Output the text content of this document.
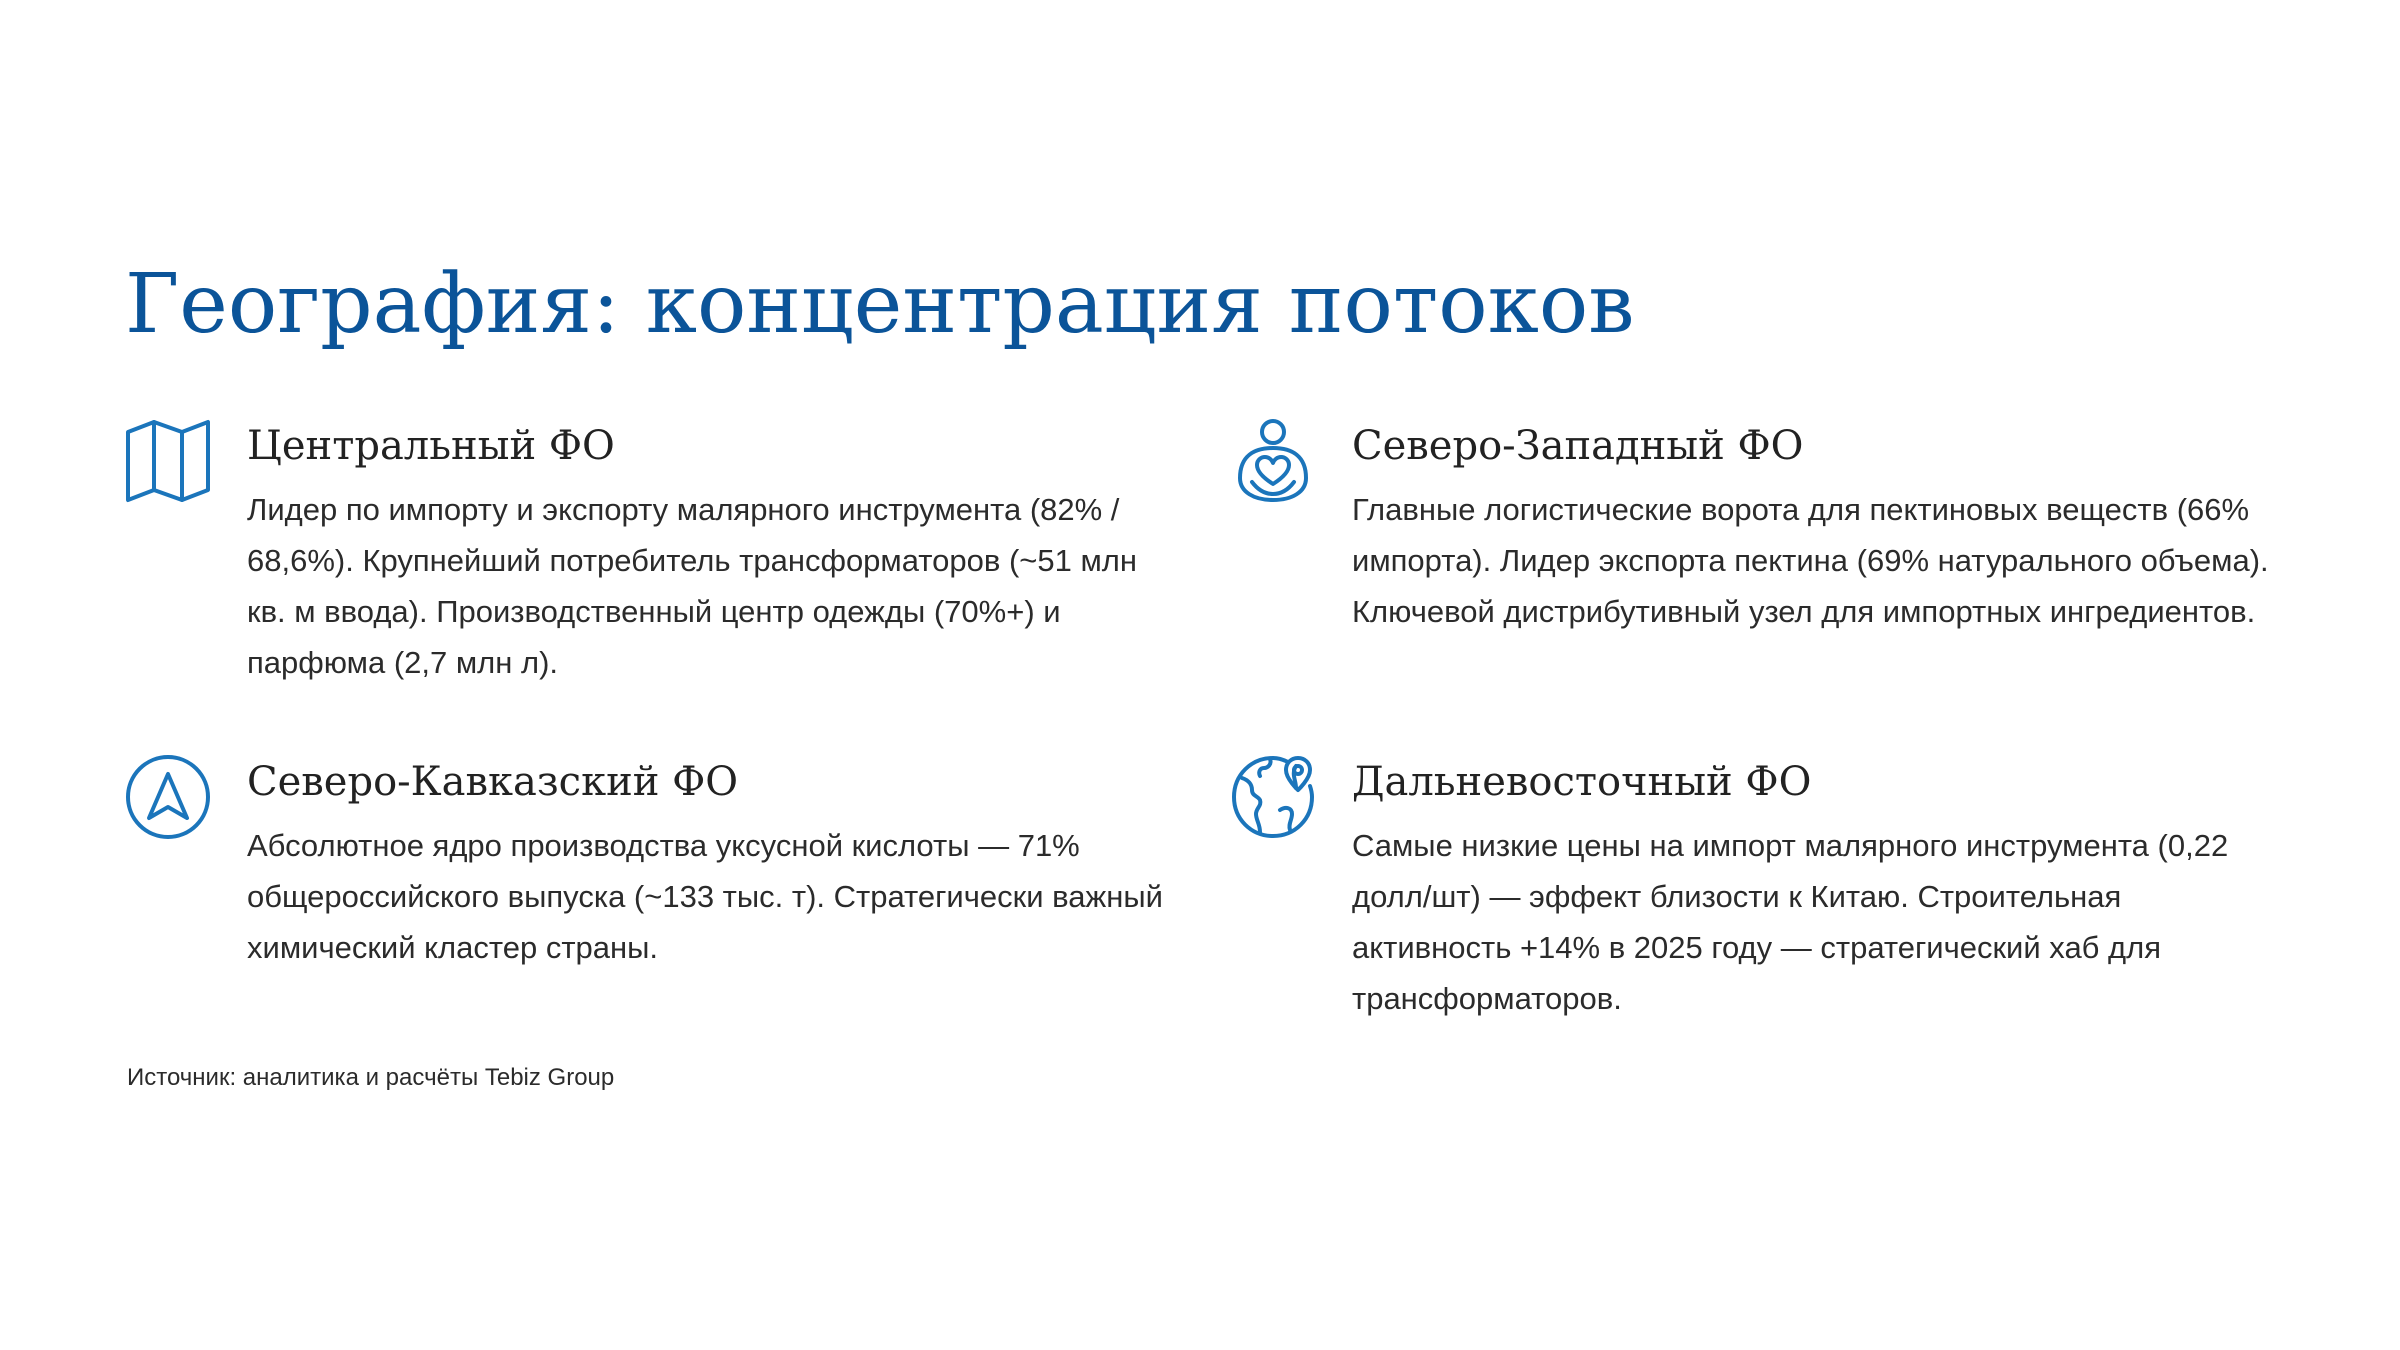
География: концентрация потоков
Центральный ФО

Лидер по импорту и экспорту малярного инструмента (82% / 68,6%). Крупнейший потребитель трансформаторов (~51 млн кв. м ввода). Производственный центр одежды (70%+) и парфюма (2,7 млн л).

Северо-Западный ФО

Главные логистические ворота для пектиновых веществ (66% импорта). Лидер экспорта пектина (69% натурального объема). Ключевой дистрибутивный узел для импортных ингредиентов.

Северо-Кавказский ФО

Абсолютное ядро производства уксусной кислоты — 71% общероссийского выпуска (~133 тыс. т). Стратегически важный химический кластер страны.

Дальневосточный ФО

Самые низкие цены на импорт малярного инструмента (0,22 долл/шт) — эффект близости к Китаю. Строительная активность +14% в 2025 году — стратегический хаб для трансформаторов.

Источник: аналитика и расчёты Tebiz Group
